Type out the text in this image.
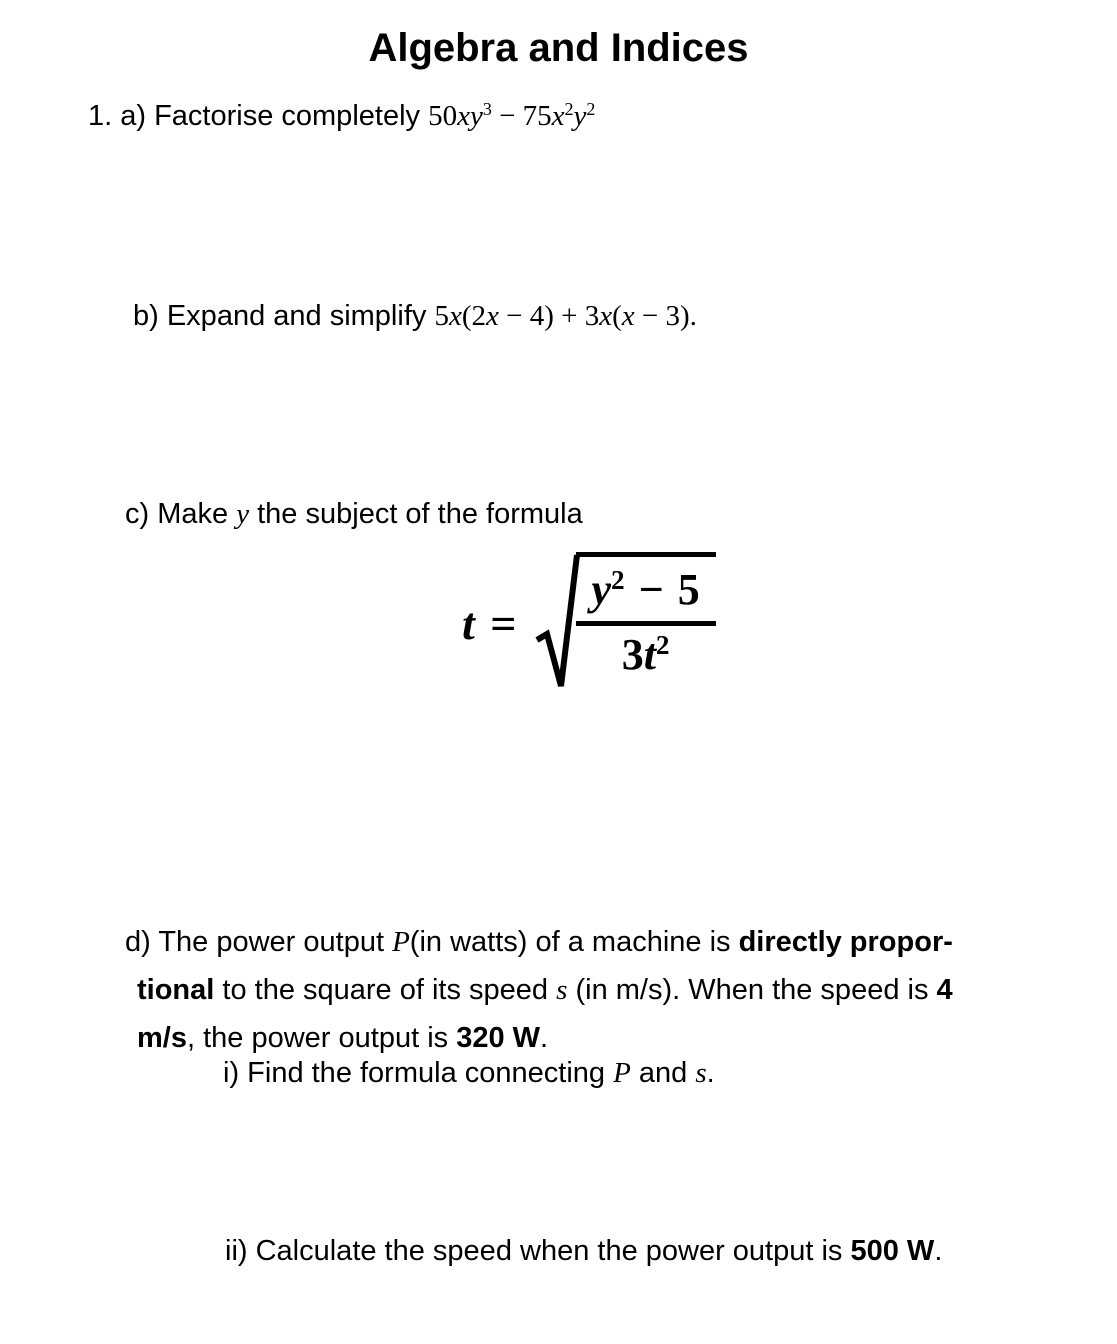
Algebra and Indices
1. a) Factorise completely $50xy^3 - 75x^2y^2$
b) Expand and simplify 5x(2x − 4) + 3x(x − 3).
c) Make y the subject of the formula
t =
y$^2$ − 5
3t$^2$
d) The power output P(in watts) of a machine is directly propor-
tional to the square of its speed s (in m/s). When the speed is 4
m/s, the power output is 320 W.
i) Find the formula connecting P and s.
ii) Calculate the speed when the power output is 500 W.
